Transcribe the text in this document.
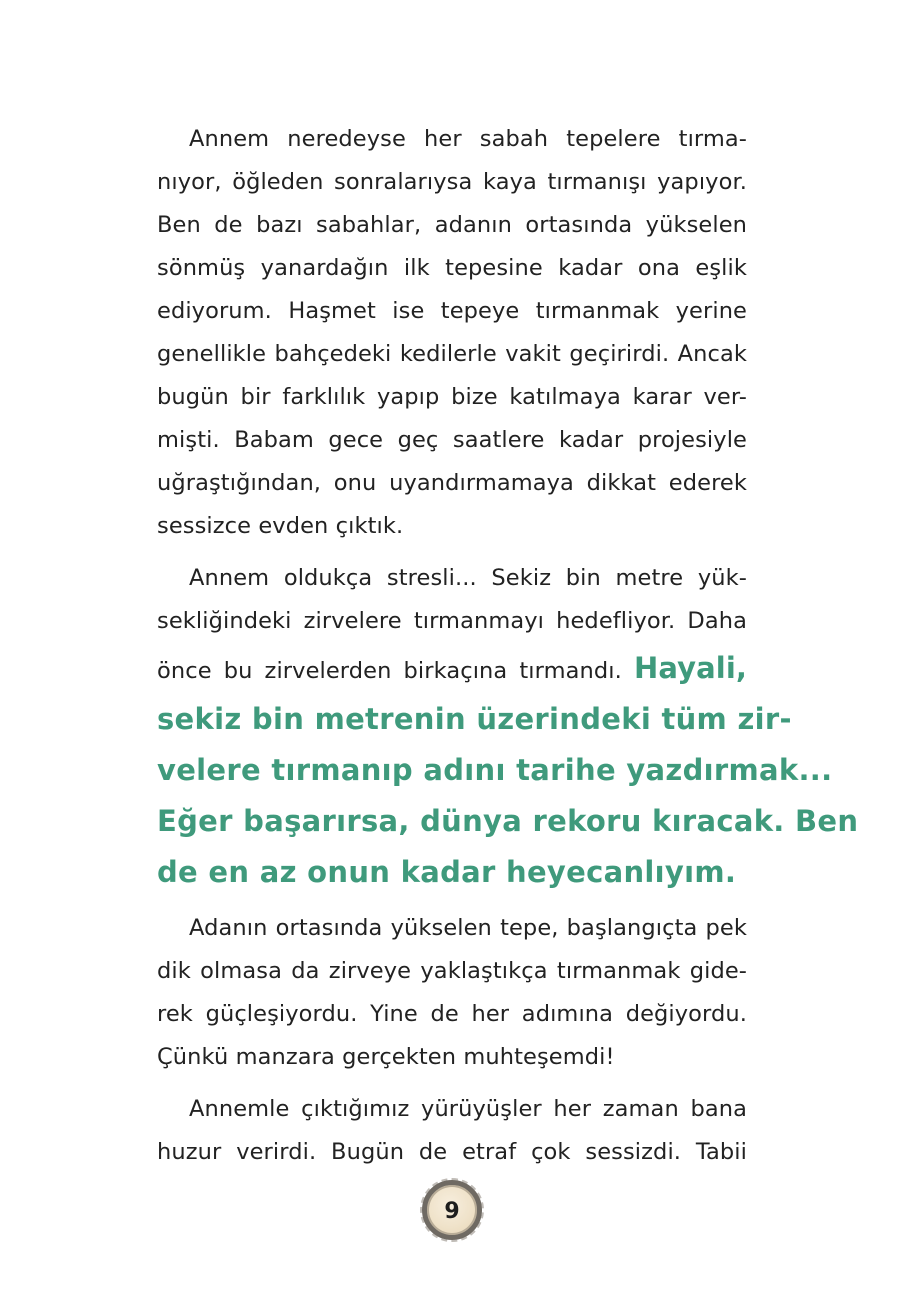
Annem neredeyse her sabah tepelere tırma-
nıyor, öğleden sonralarıysa kaya tırmanışı yapıyor.
Ben de bazı sabahlar, adanın ortasında yükselen
sönmüş yanardağın ilk tepesine kadar ona eşlik
ediyorum. Haşmet ise tepeye tırmanmak yerine
genellikle bahçedeki kedilerle vakit geçirirdi. Ancak
bugün bir farklılık yapıp bize katılmaya karar ver-
mişti. Babam gece geç saatlere kadar projesiyle
uğraştığından, onu uyandırmamaya dikkat ederek
sessizce evden çıktık.
Annem oldukça stresli... Sekiz bin metre yük-
sekliğindeki zirvelere tırmanmayı hedefliyor. Daha
önce bu zirvelerden birkaçına tırmandı. Hayali,
sekiz bin metrenin üzerindeki tüm zir-
velere tırmanıp adını tarihe yazdırmak...
Eğer başarırsa, dünya rekoru kıracak. Ben
de en az onun kadar heyecanlıyım.
Adanın ortasında yükselen tepe, başlangıçta pek
dik olmasa da zirveye yaklaştıkça tırmanmak gide-
rek güçleşiyordu. Yine de her adımına değiyordu.
Çünkü manzara gerçekten muhteşemdi!
Annemle çıktığımız yürüyüşler her zaman bana
huzur verirdi. Bugün de etraf çok sessizdi. Tabii
9
